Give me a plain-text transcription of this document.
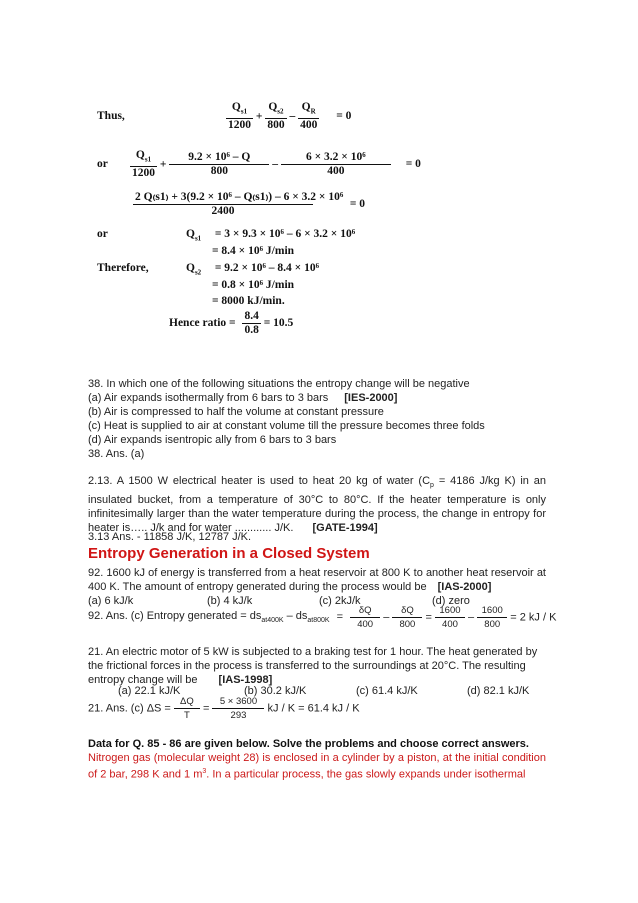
Thus,	$\frac{Q_{s1}}{1200} + \frac{Q_{s2}}{800} - \frac{Q_R}{400} = 0$
or $\frac{Q_{s1}}{1200} + \frac{\text{9.2 × 10⁶ – Q}}{800} - \frac{\text{6 × 3.2 × 10⁶}}{400} = 0$
$\frac{\text{2 Q₍s1₎ + 3(9.2 × 10⁶ – Q₍s1₎) – 6 × 3.2 × 10⁶}}{2400}$	= 0
or	$Q_{s1} = 3 \times 9.3 \times 10^6 - 6 \times 3.2 \times 10^6$
= 8.4 × 10⁶ J/min
Therefore,	$Q_{s2} = 9.2 \times 10^6 - 8.4 \times 10^6$
= 0.8 × 10⁶ J/min
= 8000 kJ/min.
Hence ratio = $\frac{8.4}{0.8} = 10.5$
38. In which one of the following situations the entropy change will be negative
(a) Air expands isothermally from 6 bars to 3 bars [IES-2000]
(b) Air is compressed to half the volume at constant pressure
(c) Heat is supplied to air at constant volume till the pressure becomes three folds
(d) Air expands isentropic ally from 6 bars to 3 bars
38. Ans. (a)
2.13. A 1500 W electrical heater is used to heat 20 kg of water ($C_p = 4186$ J/kg K) in an insulated bucket, from a temperature of 30°C to 80°C. If the heater temperature is only infinitesimally larger than the water temperature during the process, the change in entropy for heater is….. J/k and for water ............ J/K. [GATE-1994]
3.13 Ans. - 11858 J/K, 12787 J/K.
Entropy Generation in a Closed System
92. 1600 kJ of energy is transferred from a heat reservoir at 800 K to another heat reservoir at 400 K. The amount of entropy generated during the process would be [IAS-2000]
(a) 6 kJ/k	(b) 4 kJ/k	(c) 2kJ/k	(d) zero
92. Ans. (c) Entropy generated = $ds_{at400K} - ds_{at800K} = \frac{\delta Q}{400} - \frac{\delta Q}{800} = \frac{1600}{400} - \frac{1600}{800} = 2$ kJ / K
21. An electric motor of 5 kW is subjected to a braking test for 1 hour. The heat generated by the frictional forces in the process is transferred to the surroundings at 20°C. The resulting entropy change will be [IAS-1998]
(a) 22.1 kJ/K	(b) 30.2 kJ/K	(c) 61.4 kJ/K	(d) 82.1 kJ/K
21. Ans. (c) $\Delta S = \frac{\Delta Q}{T} = \frac{5 \times 3600}{293}$ kJ / K = 61.4 kJ / K
Data for Q. 85 - 86 are given below. Solve the problems and choose correct answers.
Nitrogen gas (molecular weight 28) is enclosed in a cylinder by a piston, at the initial condition of 2 bar, 298 K and 1 $m^3$. In a particular process, the gas slowly expands under isothermal
